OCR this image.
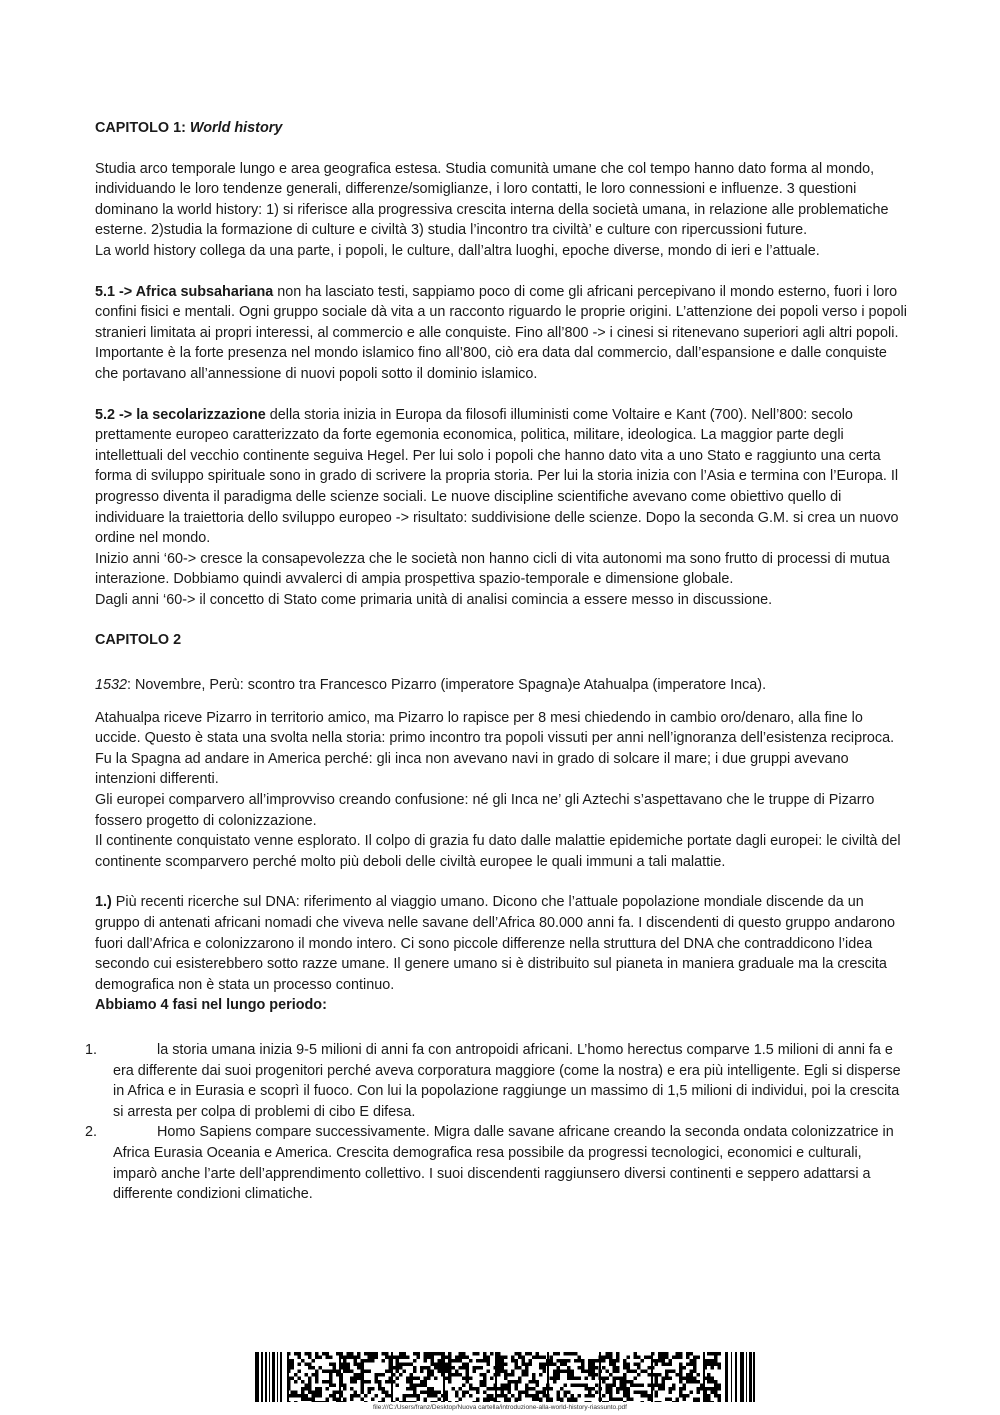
CAPITOLO 1: World history

Studia arco temporale lungo e area geografica estesa. Studia comunità umane che col tempo hanno dato forma al mondo, individuando le loro tendenze generali, differenze/somiglianze, i loro contatti, le loro connessioni e influenze. 3 questioni dominano la world history: 1) si riferisce alla progressiva crescita interna della società umana, in relazione alle problematiche esterne. 2)studia la formazione di culture e civiltà 3) studia l’incontro tra civiltà’ e culture con ripercussioni future.

La world history collega da una parte, i popoli, le culture, dall’altra luoghi, epoche diverse, mondo di ieri e l’attuale.

5.1 -> Africa subsahariana non ha lasciato testi, sappiamo poco di come gli africani percepivano il mondo esterno, fuori i loro confini fisici e mentali. Ogni gruppo sociale dà vita a un racconto riguardo le proprie origini. L’attenzione dei popoli verso i popoli stranieri limitata ai propri interessi, al commercio e alle conquiste. Fino all’800 -> i cinesi si ritenevano superiori agli altri popoli. Importante è la forte presenza nel mondo islamico fino all’800, ciò era data dal commercio, dall’espansione e dalle conquiste che portavano all’annessione di nuovi popoli sotto il dominio islamico.

5.2 -> la secolarizzazione della storia inizia in Europa da filosofi illuministi come Voltaire e Kant (700). Nell’800: secolo prettamente europeo caratterizzato da forte egemonia economica, politica, militare, ideologica. La maggior parte degli intellettuali del vecchio continente seguiva Hegel. Per lui solo i popoli che hanno dato vita a uno Stato e raggiunto una certa forma di sviluppo spirituale sono in grado di scrivere la propria storia. Per lui la storia inizia con l’Asia e termina con l’Europa. Il progresso diventa il paradigma delle scienze sociali. Le nuove discipline scientifiche avevano come obiettivo quello di individuare la traiettoria dello sviluppo europeo -> risultato: suddivisione delle scienze. Dopo la seconda G.M. si crea un nuovo ordine nel mondo.

Inizio anni ‘60-> cresce la consapevolezza che le società non hanno cicli di vita autonomi ma sono frutto di processi di mutua interazione. Dobbiamo quindi avvalerci di ampia prospettiva spazio-temporale e dimensione globale.

Dagli anni ‘60-> il concetto di Stato come primaria unità di analisi comincia a essere messo in discussione.

CAPITOLO 2

1532: Novembre, Perù: scontro tra Francesco Pizarro (imperatore Spagna)e Atahualpa (imperatore Inca).

Atahualpa riceve Pizarro in territorio amico, ma Pizarro lo rapisce per 8 mesi chiedendo in cambio oro/denaro, alla fine lo uccide. Questo è stata una svolta nella storia: primo incontro tra popoli vissuti per anni nell’ignoranza dell’esistenza reciproca.

Fu la Spagna ad andare in America perché: gli inca non avevano navi in grado di solcare il mare; i due gruppi avevano intenzioni differenti.

Gli europei comparvero all’improvviso creando confusione: né gli Inca ne’ gli Aztechi s’aspettavano che le truppe di Pizarro fossero progetto di colonizzazione.

Il continente conquistato venne esplorato. Il colpo di grazia fu dato dalle malattie epidemiche portate dagli europei: le civiltà del continente scomparvero perché molto più deboli delle civiltà europee le quali immuni a tali malattie.

1.) Più recenti ricerche sul DNA: riferimento al viaggio umano. Dicono che l’attuale popolazione mondiale discende da un gruppo di antenati africani nomadi che viveva nelle savane dell’Africa 80.000 anni fa. I discendenti di questo gruppo andarono fuori dall’Africa e colonizzarono il mondo intero. Ci sono piccole differenze nella struttura del DNA che contraddicono l’idea secondo cui esisterebbero sotto razze umane. Il genere umano si è distribuito sul pianeta in maniera graduale ma la crescita demografica non è stata un processo continuo.

Abbiamo 4 fasi nel lungo periodo:

1.	la storia umana inizia 9-5 milioni di anni fa con antropoidi africani. L’homo herectus comparve 1.5 milioni di anni fa e era differente dai suoi progenitori perché aveva corporatura maggiore (come la nostra) e era più intelligente. Egli si disperse in Africa e in Eurasia e scoprì il fuoco. Con lui la popolazione raggiunge un massimo di 1,5 milioni di individui, poi la crescita si arresta per colpa di problemi di cibo E difesa.
2.	Homo Sapiens compare successivamente. Migra dalle savane africane creando la seconda ondata colonizzatrice in Africa Eurasia Oceania e America. Crescita demografica resa possibile da progressi tecnologici, economici e culturali, imparò anche l’arte dell’apprendimento collettivo. I suoi discendenti raggiunsero diversi continenti e seppero adattarsi a differente condizioni climatiche.
file:///C:/Users/franz/Desktop/Nuova cartella/introduzione-alla-world-history-riassunto.pdf
